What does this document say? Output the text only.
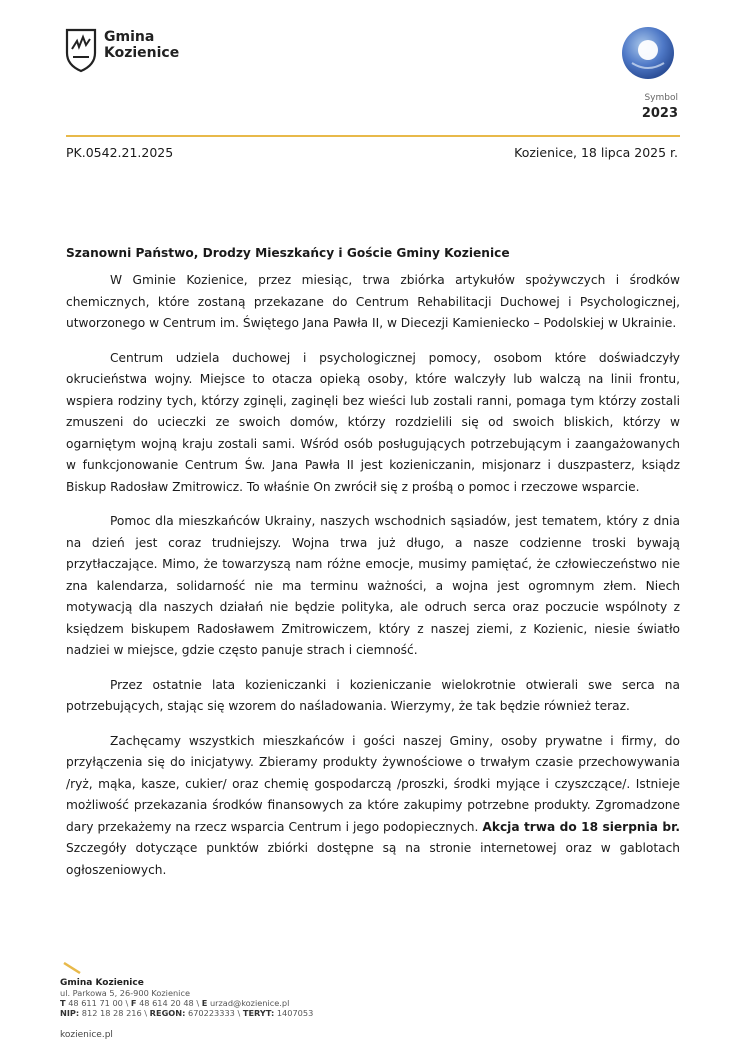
Gmina
Kozienice
Symbol
2023
PK.0542.21.2025	Kozienice, 18 lipca 2025 r.
Szanowni Państwo, Drodzy Mieszkańcy i Goście Gminy Kozienice

W Gminie Kozienice, przez miesiąc, trwa zbiórka artykułów spożywczych i środków chemicznych, które zostaną przekazane do Centrum Rehabilitacji Duchowej i Psychologicznej, utworzonego w Centrum im. Świętego Jana Pawła II, w Diecezji Kamieniecko – Podolskiej w Ukrainie.

Centrum udziela duchowej i psychologicznej pomocy, osobom które doświadczyły okrucieństwa wojny. Miejsce to otacza opieką osoby, które walczyły lub walczą na linii frontu, wspiera rodziny tych, którzy zginęli, zaginęli bez wieści lub zostali ranni, pomaga tym którzy zostali zmuszeni do ucieczki ze swoich domów, którzy rozdzielili się od swoich bliskich, którzy w ogarniętym wojną kraju zostali sami. Wśród osób posługujących potrzebującym i zaangażowanych w funkcjonowanie Centrum Św. Jana Pawła II jest kozieniczanin, misjonarz i duszpasterz, ksiądz Biskup Radosław Zmitrowicz. To właśnie On zwrócił się z prośbą o pomoc i rzeczowe wsparcie.

Pomoc dla mieszkańców Ukrainy, naszych wschodnich sąsiadów, jest tematem, który z dnia na dzień jest coraz trudniejszy. Wojna trwa już długo, a nasze codzienne troski bywają przytłaczające. Mimo, że towarzyszą nam różne emocje, musimy pamiętać, że człowieczeństwo nie zna kalendarza, solidarność nie ma terminu ważności, a wojna jest ogromnym złem. Niech motywacją dla naszych działań nie będzie polityka, ale odruch serca oraz poczucie wspólnoty z księdzem biskupem Radosławem Zmitrowiczem, który z naszej ziemi, z Kozienic, niesie światło nadziei w miejsce, gdzie często panuje strach i ciemność.

Przez ostatnie lata kozieniczanki i kozieniczanie wielokrotnie otwierali swe serca na potrzebujących, stając się wzorem do naśladowania. Wierzymy, że tak będzie również teraz.

Zachęcamy wszystkich mieszkańców i gości naszej Gminy, osoby prywatne i firmy, do przyłączenia się do inicjatywy. Zbieramy produkty żywnościowe o trwałym czasie przechowywania /ryż, mąka, kasze, cukier/ oraz chemię gospodarczą /proszki, środki myjące i czyszczące/. Istnieje możliwość przekazania środków finansowych za które zakupimy potrzebne produkty. Zgromadzone dary przekażemy na rzecz wsparcia Centrum i jego podopiecznych. Akcja trwa do 18 sierpnia br. Szczegóły dotyczące punktów zbiórki dostępne są na stronie internetowej oraz w gablotach ogłoszeniowych.

Gmina Kozienice
ul. Parkowa 5, 26-900 Kozienice
T 48 611 71 00 \ F 48 614 20 48 \ E urzad@kozienice.pl
NIP: 812 18 28 216 \ REGON: 670223333 \ TERYT: 1407053
kozienice.pl
